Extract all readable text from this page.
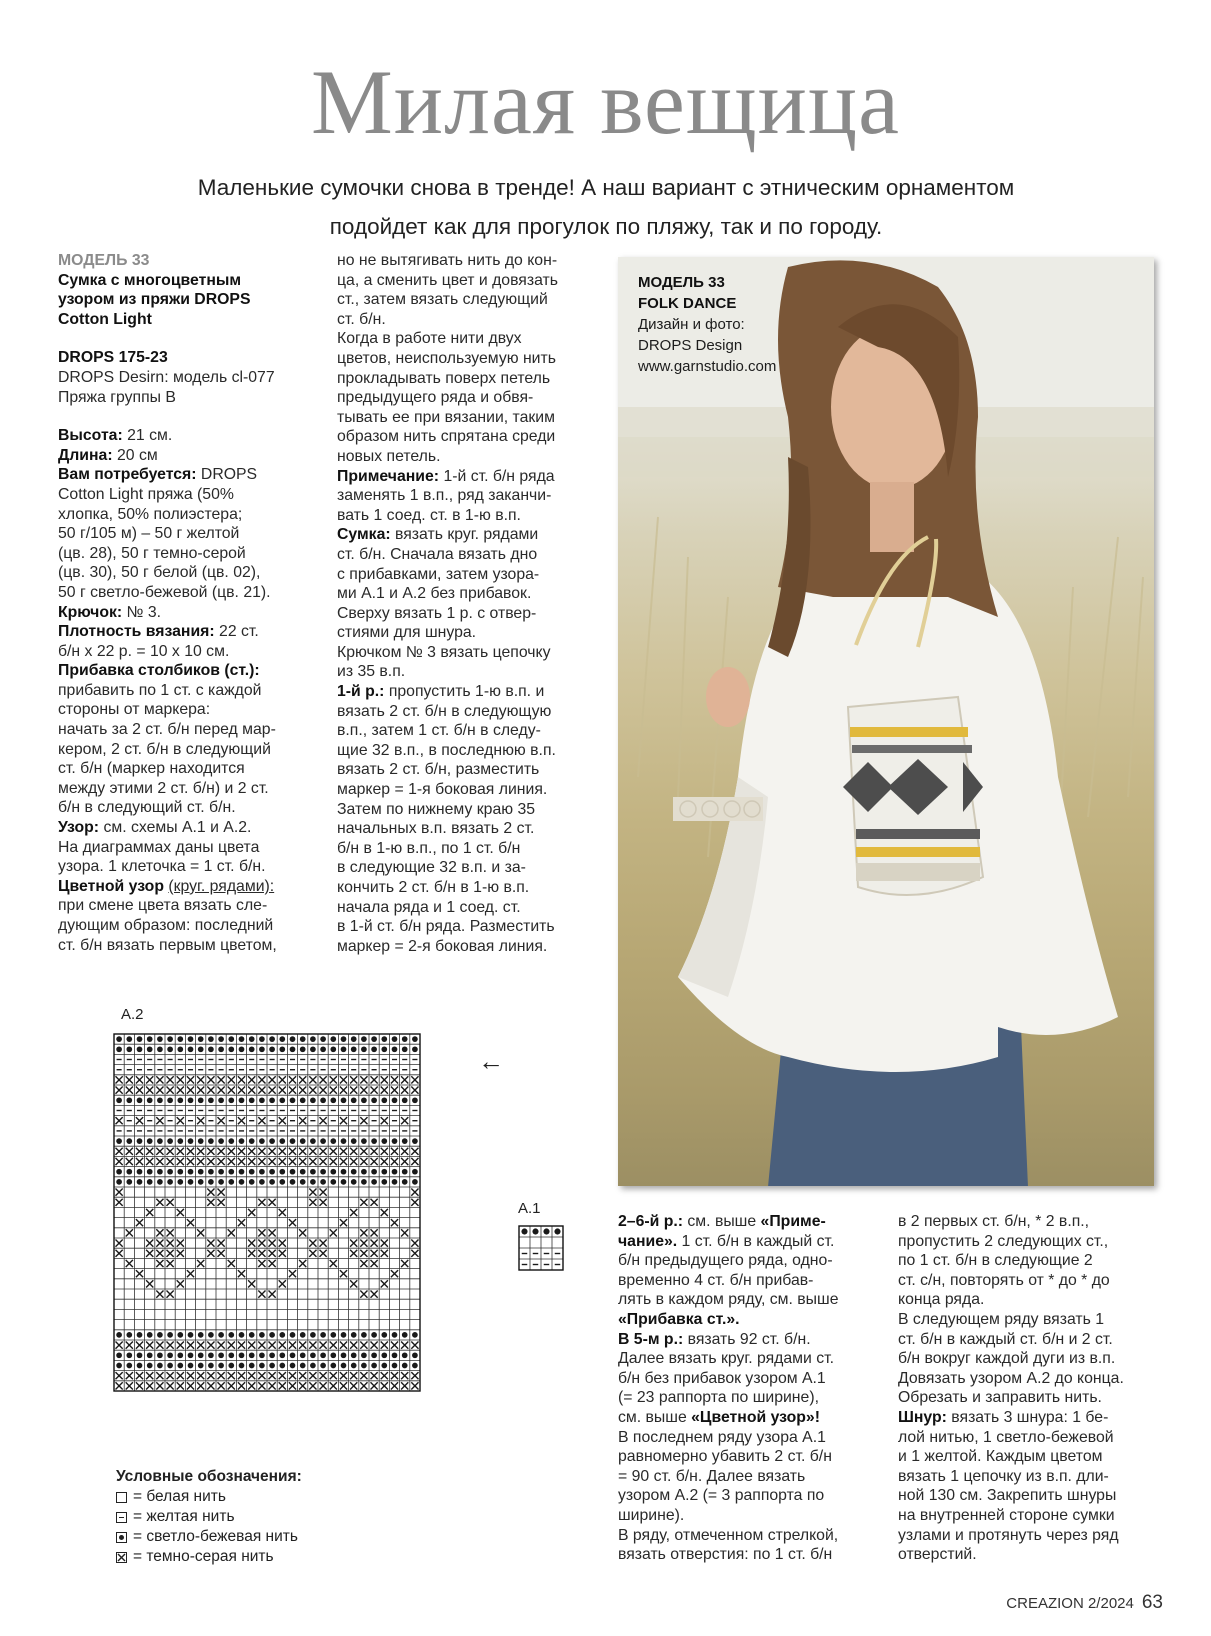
Милая вещица
Маленькие сумочки снова в тренде! А наш вариант с этническим орнаментом
подойдет как для прогулок по пляжу, так и по городу.

МОДЕЛЬ 33

Сумка с многоцветным

узором из пряжи DROPS

Cotton Light

DROPS 175-23

DROPS Desirn: модель cl-077

Пряжа группы B

Высота: 21 см.

Длина: 20 см

Вам потребуется: DROPS

Cotton Light пряжа (50%

хлопка, 50% полиэстера;

50 г/105 м) – 50 г желтой

(цв. 28), 50 г темно-серой

(цв. 30), 50 г белой (цв. 02),

50 г светло-бежевой (цв. 21).

Крючок: № 3.

Плотность вязания: 22 ст.

б/н х 22 р. = 10 х 10 см.

Прибавка столбиков (ст.):

прибавить по 1 ст. с каждой

стороны от маркера:

начать за 2 ст. б/н перед мар-

кером, 2 ст. б/н в следующий

ст. б/н (маркер находится

между этими 2 ст. б/н) и 2 ст.

б/н в следующий ст. б/н.

Узор: см. схемы А.1 и А.2.

На диаграммах даны цвета

узора. 1 клеточка = 1 ст. б/н.

Цветной узор (круг. рядами):

при смене цвета вязать сле-

дующим образом: последний

ст. б/н вязать первым цветом,

но не вытягивать нить до кон-

ца, а сменить цвет и довязать

ст., затем вязать следующий

ст. б/н.

Когда в работе нити двух

цветов, неиспользуемую нить

прокладывать поверх петель

предыдущего ряда и обвя-

тывать ее при вязании, таким

образом нить спрятана среди

новых петель.

Примечание: 1-й ст. б/н ряда

заменять 1 в.п., ряд заканчи-

вать 1 соед. ст. в 1-ю в.п.

Сумка: вязать круг. рядами

ст. б/н. Сначала вязать дно

с прибавками, затем узора-

ми А.1 и А.2 без прибавок.

Сверху вязать 1 р. с отвер-

стиями для шнура.

Крючком № 3 вязать цепочку

из 35 в.п.

1-й р.: пропустить 1-ю в.п. и

вязать 2 ст. б/н в следующую

в.п., затем 1 ст. б/н в следу-

щие 32 в.п., в последнюю в.п.

вязать 2 ст. б/н, разместить

маркер = 1-я боковая линия.

Затем по нижнему краю 35

начальных в.п. вязать 2 ст.

б/н в 1-ю в.п., по 1 ст. б/н

в следующие 32 в.п. и за-

кончить 2 ст. б/н в 1-ю в.п.

начала ряда и 1 соед. ст.

в 1-й ст. б/н ряда. Разместить

маркер = 2-я боковая линия.

МОДЕЛЬ 33
FOLK DANCE
Дизайн и фото:
DROPS Design
www.garnstudio.com
A.2
←
A.1
Условные обозначения:
= белая нить
= желтая нить
= светло-бежевая нить
= темно-серая нить

2–6-й р.: см. выше «Приме-

чание». 1 ст. б/н в каждый ст.

б/н предыдущего ряда, одно-

временно 4 ст. б/н прибав-

лять в каждом ряду, см. выше

«Прибавка ст.».

В 5-м р.: вязать 92 ст. б/н.

Далее вязать круг. рядами ст.

б/н без прибавок узором А.1

(= 23 раппорта по ширине),

см. выше «Цветной узор»!

В последнем ряду узора А.1

равномерно убавить 2 ст. б/н

= 90 ст. б/н. Далее вязать

узором А.2 (= 3 раппорта по

ширине).

В ряду, отмеченном стрелкой,

вязать отверстия: по 1 ст. б/н

в 2 первых ст. б/н, * 2 в.п.,

пропустить 2 следующих ст.,

по 1 ст. б/н в следующие 2

ст. с/н, повторять от * до * до

конца ряда.

В следующем ряду вязать 1

ст. б/н в каждый ст. б/н и 2 ст.

б/н вокруг каждой дуги из в.п.

Довязать узором А.2 до конца.

Обрезать и заправить нить.

Шнур: вязать 3 шнура: 1 бе-

лой нитью, 1 светло-бежевой

и 1 желтой. Каждым цветом

вязать 1 цепочку из в.п. дли-

ной 130 см. Закрепить шнуры

на внутренней стороне сумки

узлами и протянуть через ряд

отверстий.

CREAZION 2/2024 63
